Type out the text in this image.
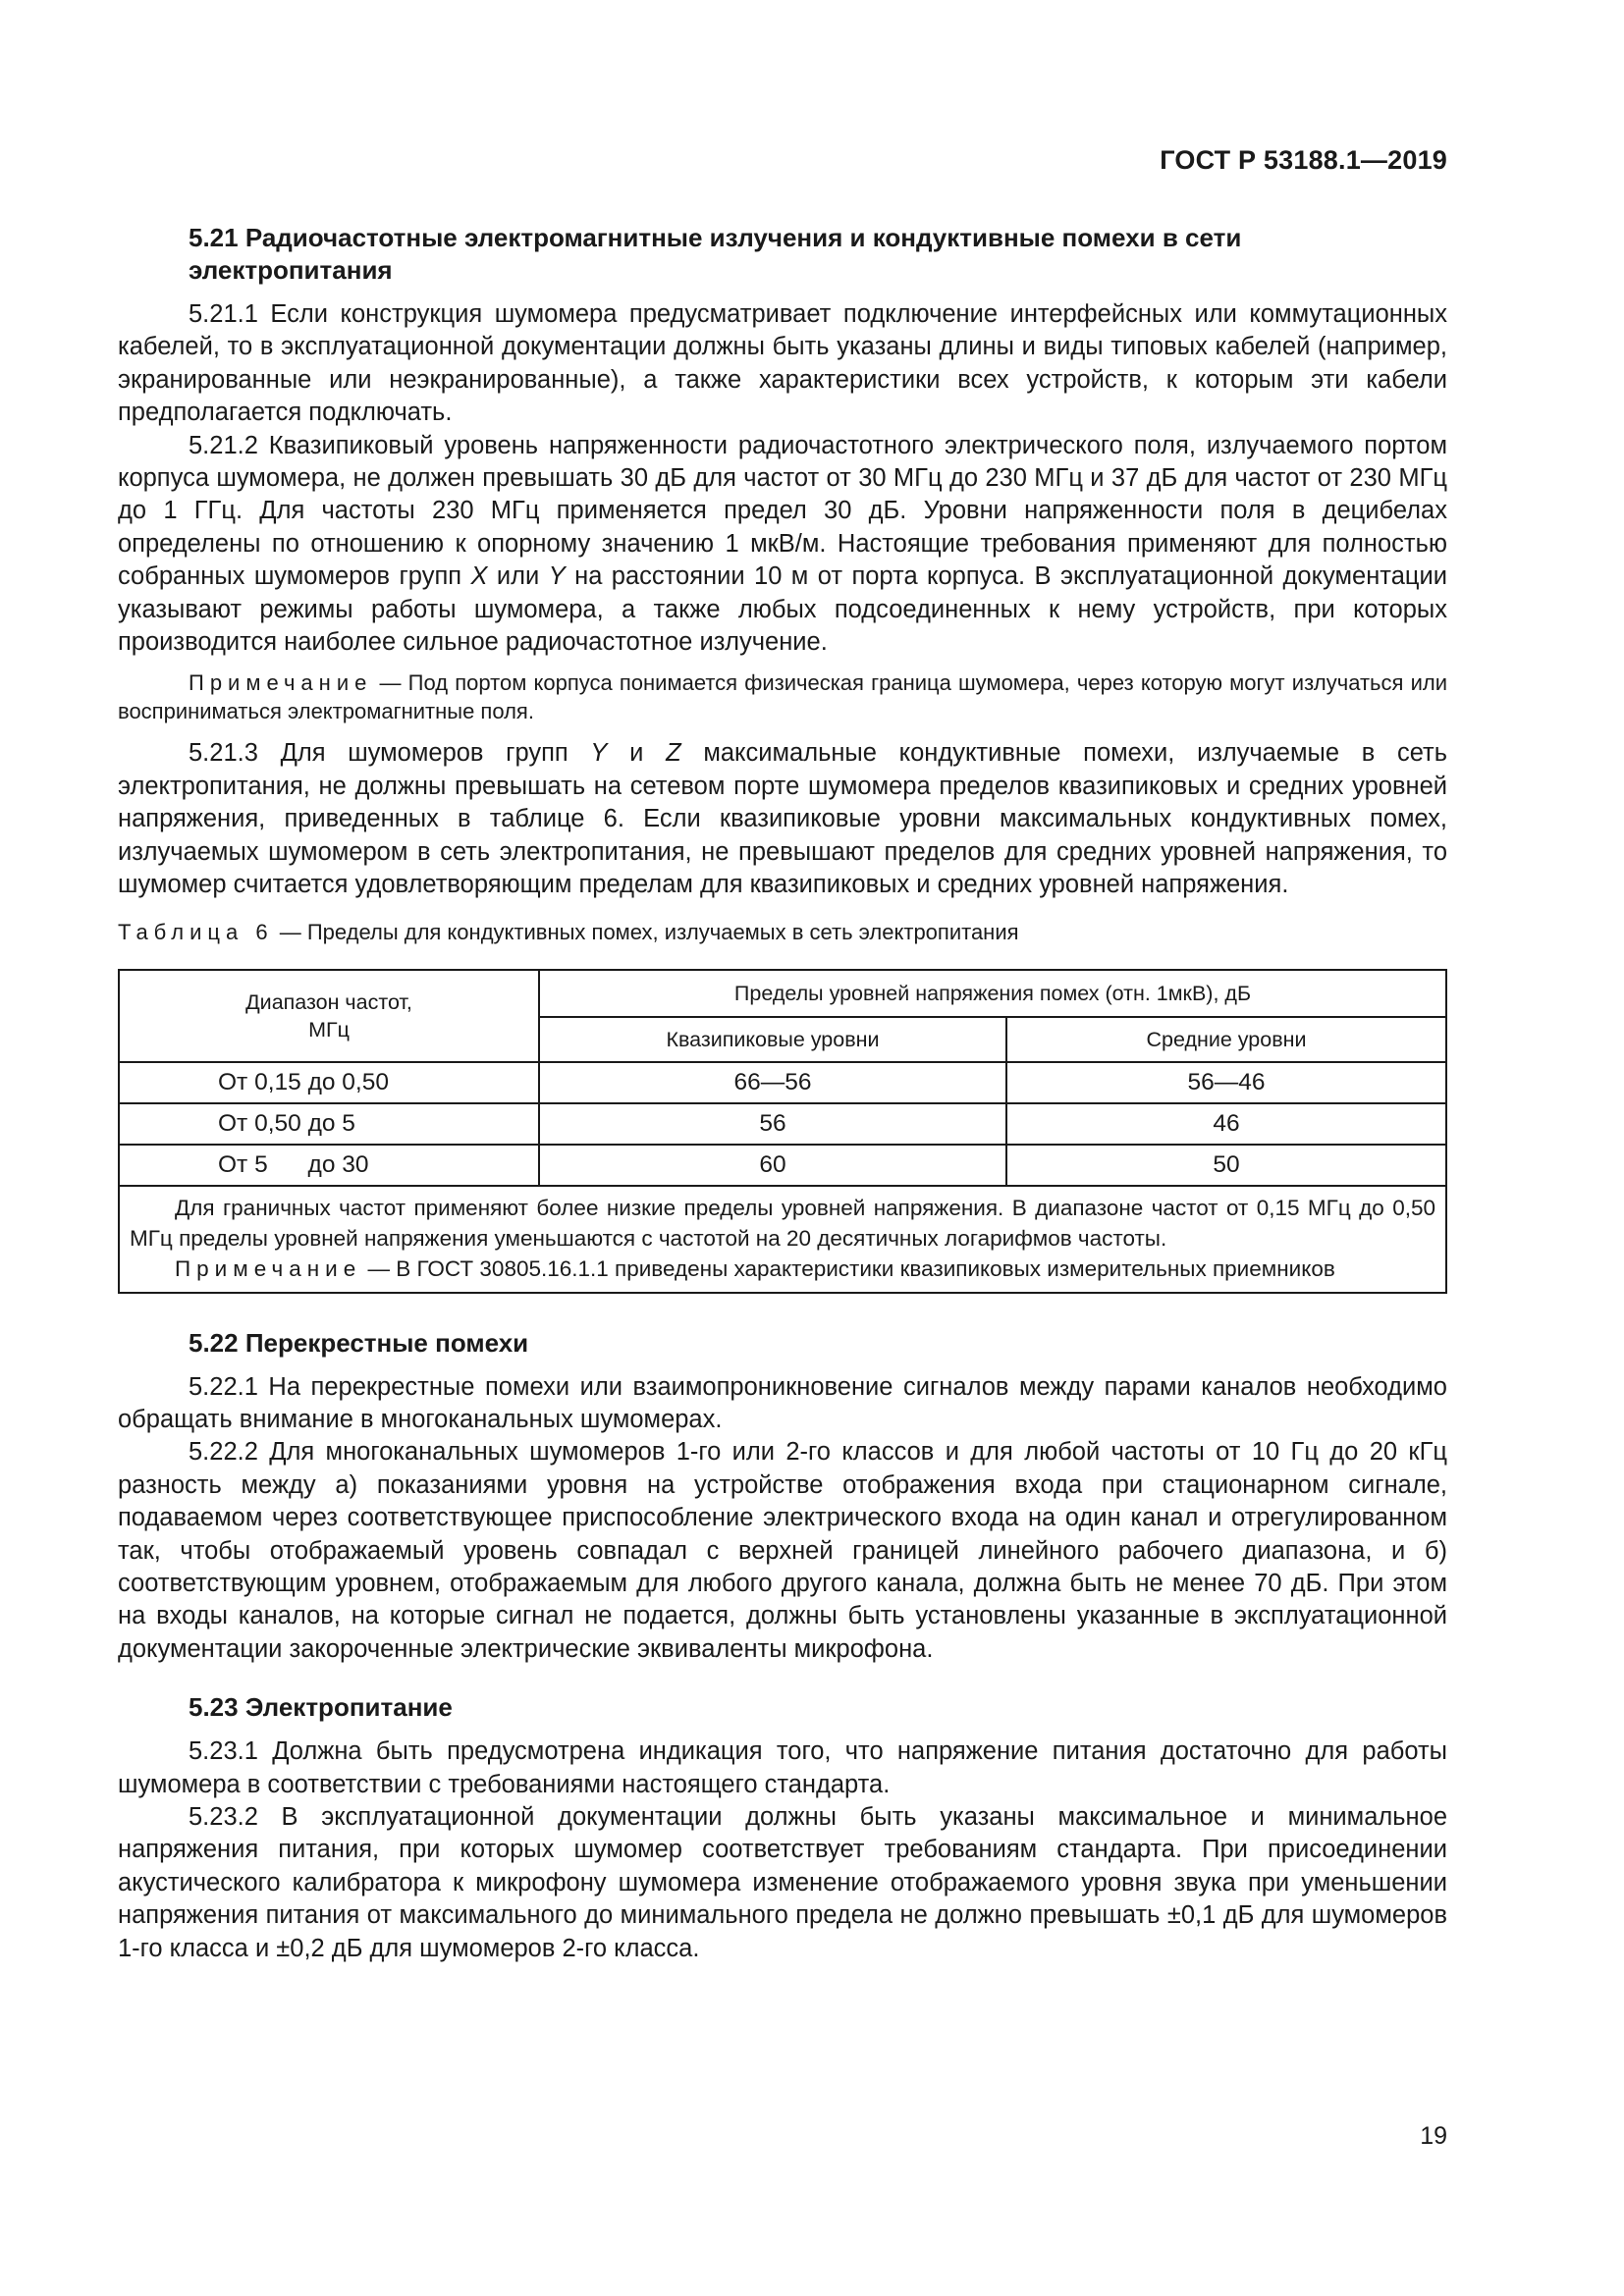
ГОСТ Р 53188.1—2019

5.21 Радиочастотные электромагнитные излучения и кондуктивные помехи в сети электропитания

5.21.1 Если конструкция шумомера предусматривает подключение интерфейсных или коммутационных кабелей, то в эксплуатационной документации должны быть указаны длины и виды типовых кабелей (например, экранированные или неэкранированные), а также характеристики всех устройств, к которым эти кабели предполагается подключать.

5.21.2 Квазипиковый уровень напряженности радиочастотного электрического поля, излучаемого портом корпуса шумомера, не должен превышать 30 дБ для частот от 30 МГц до 230 МГц и 37 дБ для частот от 230 МГц до 1 ГГц. Для частоты 230 МГц применяется предел 30 дБ. Уровни напряженности поля в децибелах определены по отношению к опорному значению 1 мкВ/м. Настоящие требования применяют для полностью собранных шумомеров групп X или Y на расстоянии 10 м от порта корпуса. В эксплуатационной документации указывают режимы работы шумомера, а также любых подсоединенных к нему устройств, при которых производится наиболее сильное радиочастотное излучение.

Примечание — Под портом корпуса понимается физическая граница шумомера, через которую могут излучаться или восприниматься электромагнитные поля.

5.21.3 Для шумомеров групп Y и Z максимальные кондуктивные помехи, излучаемые в сеть электропитания, не должны превышать на сетевом порте шумомера пределов квазипиковых и средних уровней напряжения, приведенных в таблице 6. Если квазипиковые уровни максимальных кондуктивных помех, излучаемых шумомером в сеть электропитания, не превышают пределов для средних уровней напряжения, то шумомер считается удовлетворяющим пределам для квазипиковых и средних уровней напряжения.

Таблица 6 — Пределы для кондуктивных помех, излучаемых в сеть электропитания

Диапазон частот,
МГц	Пределы уровней напряжения помех (отн. 1мкВ), дБ	
	Квазипиковые уровни	Средние уровни
От 0,15 до 0,50	66—56	56—46
От 0,50 до 5	56	46
От 5      до 30	60	50

Для граничных частот применяют более низкие пределы уровней напряжения. В диапазоне частот от 0,15 МГц до 0,50 МГц пределы уровней напряжения уменьшаются с частотой на 20 десятичных логарифмов частоты.
Примечание — В ГОСТ 30805.16.1.1 приведены характеристики квазипиковых измерительных приемников		

5.22 Перекрестные помехи

5.22.1 На перекрестные помехи или взаимопроникновение сигналов между парами каналов необходимо обращать внимание в многоканальных шумомерах.

5.22.2 Для многоканальных шумомеров 1-го или 2-го классов и для любой частоты от 10 Гц до 20 кГц разность между а) показаниями уровня на устройстве отображения входа при стационарном сигнале, подаваемом через соответствующее приспособление электрического входа на один канал и отрегулированном так, чтобы отображаемый уровень совпадал с верхней границей линейного рабочего диапазона, и б) соответствующим уровнем, отображаемым для любого другого канала, должна быть не менее 70 дБ. При этом на входы каналов, на которые сигнал не подается, должны быть установлены указанные в эксплуатационной документации закороченные электрические эквиваленты микрофона.

5.23 Электропитание

5.23.1 Должна быть предусмотрена индикация того, что напряжение питания достаточно для работы шумомера в соответствии с требованиями настоящего стандарта.

5.23.2 В эксплуатационной документации должны быть указаны максимальное и минимальное напряжения питания, при которых шумомер соответствует требованиям стандарта. При присоединении акустического калибратора к микрофону шумомера изменение отображаемого уровня звука при уменьшении напряжения питания от максимального до минимального предела не должно превышать ±0,1 дБ для шумомеров 1-го класса и ±0,2 дБ для шумомеров 2-го класса.

19
